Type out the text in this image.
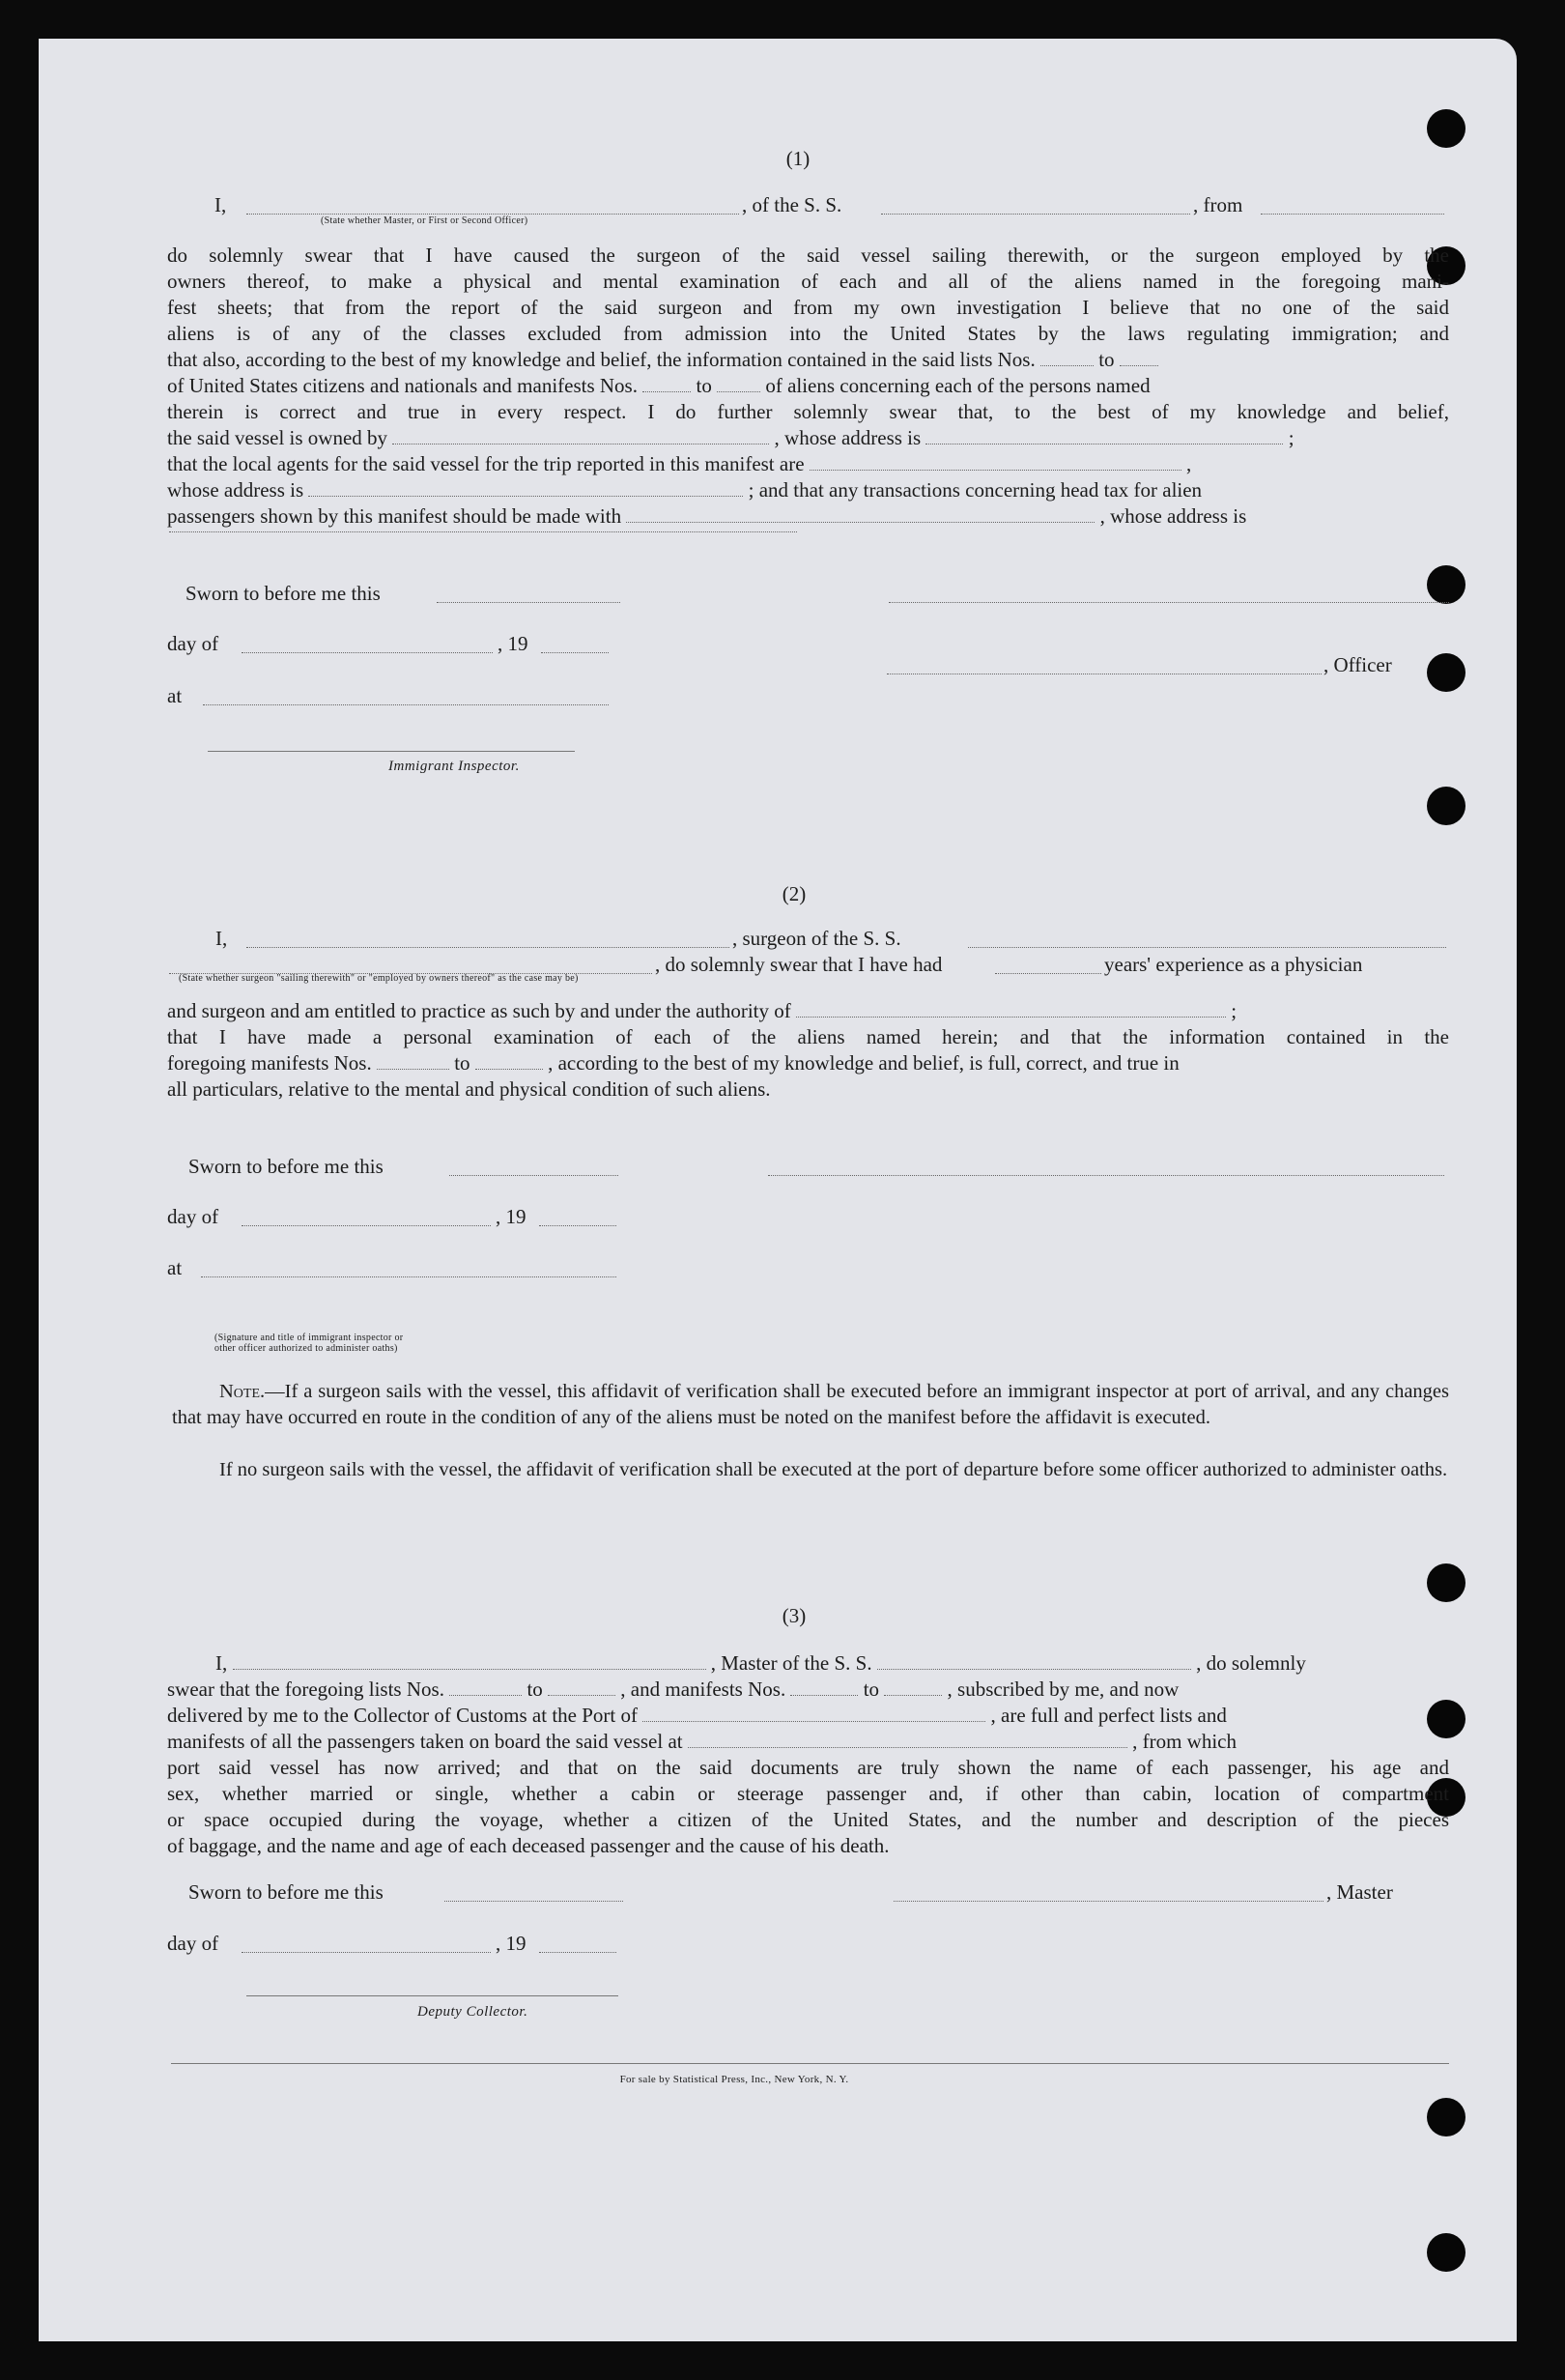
(1)
I,	, of the S. S.	, from
(State whether Master, or First or Second Officer)
do solemnly swear that I have caused the surgeon of the said vessel sailing therewith, or the surgeon employed by the
owners thereof, to make a physical and mental examination of each and all of the aliens named in the foregoing mani-
fest sheets; that from the report of the said surgeon and from my own investigation I believe that no one of the said
aliens is of any of the classes excluded from admission into the United States by the laws regulating immigration; and
that also, according to the best of my knowledge and belief, the information contained in the said lists Nos.	to
of United States citizens and nationals and manifests Nos.	to	of aliens concerning each of the persons named
therein is correct and true in every respect. I do further solemnly swear that, to the best of my knowledge and belief,
the said vessel is owned by	, whose address is	;
that the local agents for the said vessel for the trip reported in this manifest are	,
whose address is	; and that any transactions concerning head tax for alien
passengers shown by this manifest should be made with	, whose address is
Sworn to before me this
day of	, 19
, Officer
at
Immigrant Inspector.
(2)
I,	, surgeon of the S. S.
, do solemnly swear that I have had	years' experience as a physician
(State whether surgeon "sailing therewith" or "employed by owners thereof" as the case may be)
and surgeon and am entitled to practice as such by and under the authority of	;
that I have made a personal examination of each of the aliens named herein; and that the information contained in the
foregoing manifests Nos.	to	, according to the best of my knowledge and belief, is full, correct, and true in
all particulars, relative to the mental and physical condition of such aliens.
Sworn to before me this
day of	, 19
at
(Signature and title of immigrant inspector or
other officer authorized to administer oaths)
Note.—If a surgeon sails with the vessel, this affidavit of verification shall be executed before an immigrant inspector at port of arrival, and any changes that may have occurred en route in the condition of any of the aliens must be noted on the manifest before the affidavit is executed.
If no surgeon sails with the vessel, the affidavit of verification shall be executed at the port of departure before some officer authorized to administer oaths.
(3)
I,	, Master of the S. S.	, do solemnly
swear that the foregoing lists Nos.	to	, and manifests Nos.	to	, subscribed by me, and now
delivered by me to the Collector of Customs at the Port of	, are full and perfect lists and
manifests of all the passengers taken on board the said vessel at	, from which
port said vessel has now arrived; and that on the said documents are truly shown the name of each passenger, his age and
sex, whether married or single, whether a cabin or steerage passenger and, if other than cabin, location of compartment
or space occupied during the voyage, whether a citizen of the United States, and the number and description of the pieces
of baggage, and the name and age of each deceased passenger and the cause of his death.
Sworn to before me this	, Master
day of	, 19
Deputy Collector.
For sale by Statistical Press, Inc., New York, N. Y.
